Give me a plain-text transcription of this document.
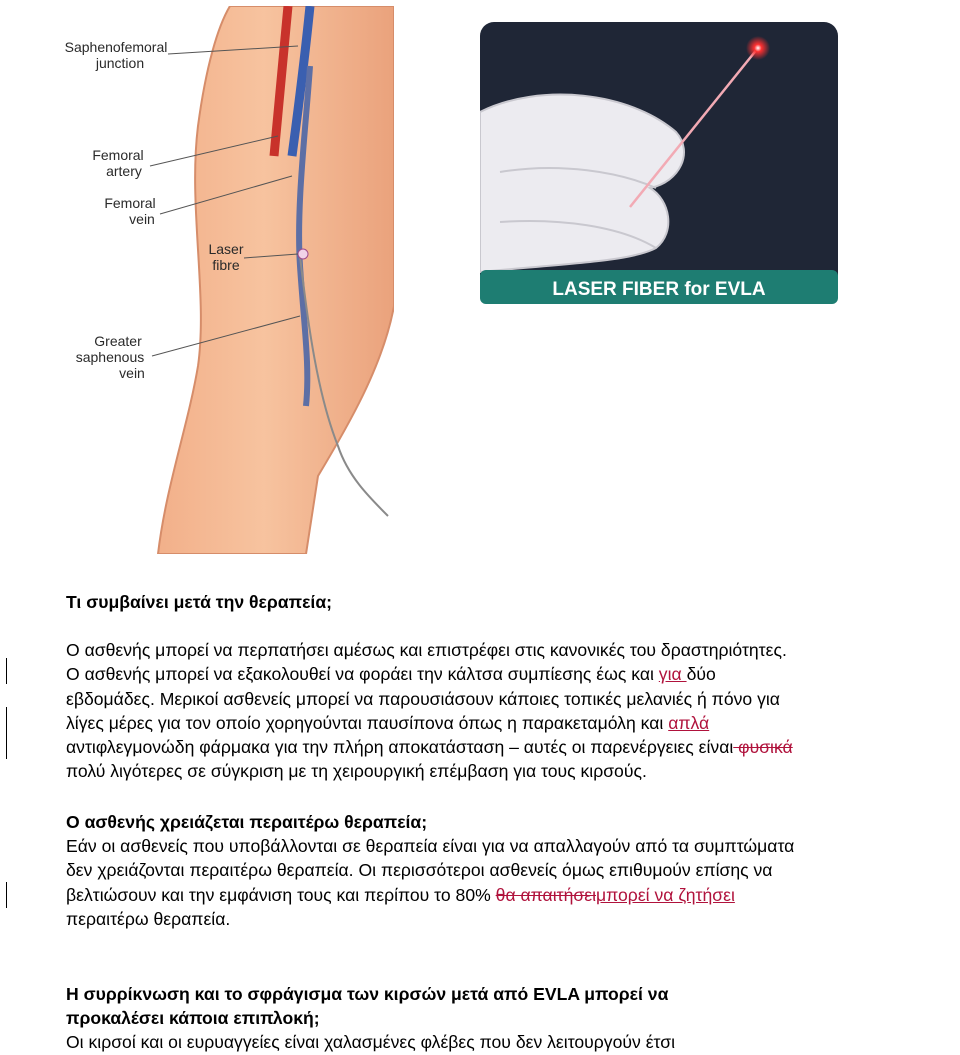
Saphenofemoral junction
Femoral artery
Femoral vein
Laser fibre
Greater saphenous vein
LASER FIBER for EVLA
Τι συμβαίνει μετά την θεραπεία;
Ο ασθενής μπορεί να περπατήσει αμέσως και επιστρέφει στις κανονικές του δραστηριότητες.
Ο ασθενής μπορεί να εξακολουθεί να φοράει την κάλτσα συμπίεσης έως και για δύο
εβδομάδες. Μερικοί ασθενείς μπορεί να παρουσιάσουν κάποιες τοπικές μελανιές ή πόνο για
λίγες μέρες για τον οποίο χορηγούνται παυσίπονα όπως η παρακεταμόλη και απλά
αντιφλεγμονώδη φάρμακα για την πλήρη αποκατάσταση – αυτές οι παρενέργειες είναι φυσικά
πολύ λιγότερες σε σύγκριση με τη χειρουργική επέμβαση για τους κιρσούς.
Ο ασθενής χρειάζεται περαιτέρω θεραπεία;
Εάν οι ασθενείς που υποβάλλονται σε θεραπεία είναι για να απαλλαγούν από τα συμπτώματα
δεν χρειάζονται περαιτέρω θεραπεία. Οι περισσότεροι ασθενείς όμως επιθυμούν επίσης να
βελτιώσουν και την εμφάνιση τους και περίπου το 80% θα απαιτήσειμπορεί να ζητήσει
περαιτέρω θεραπεία.
Η συρρίκνωση και το σφράγισμα των κιρσών μετά από EVLA μπορεί να
προκαλέσει κάποια επιπλοκή;
Οι κιρσοί και οι ευρυαγγείες είναι χαλασμένες φλέβες που δεν λειτουργούν έτσι
